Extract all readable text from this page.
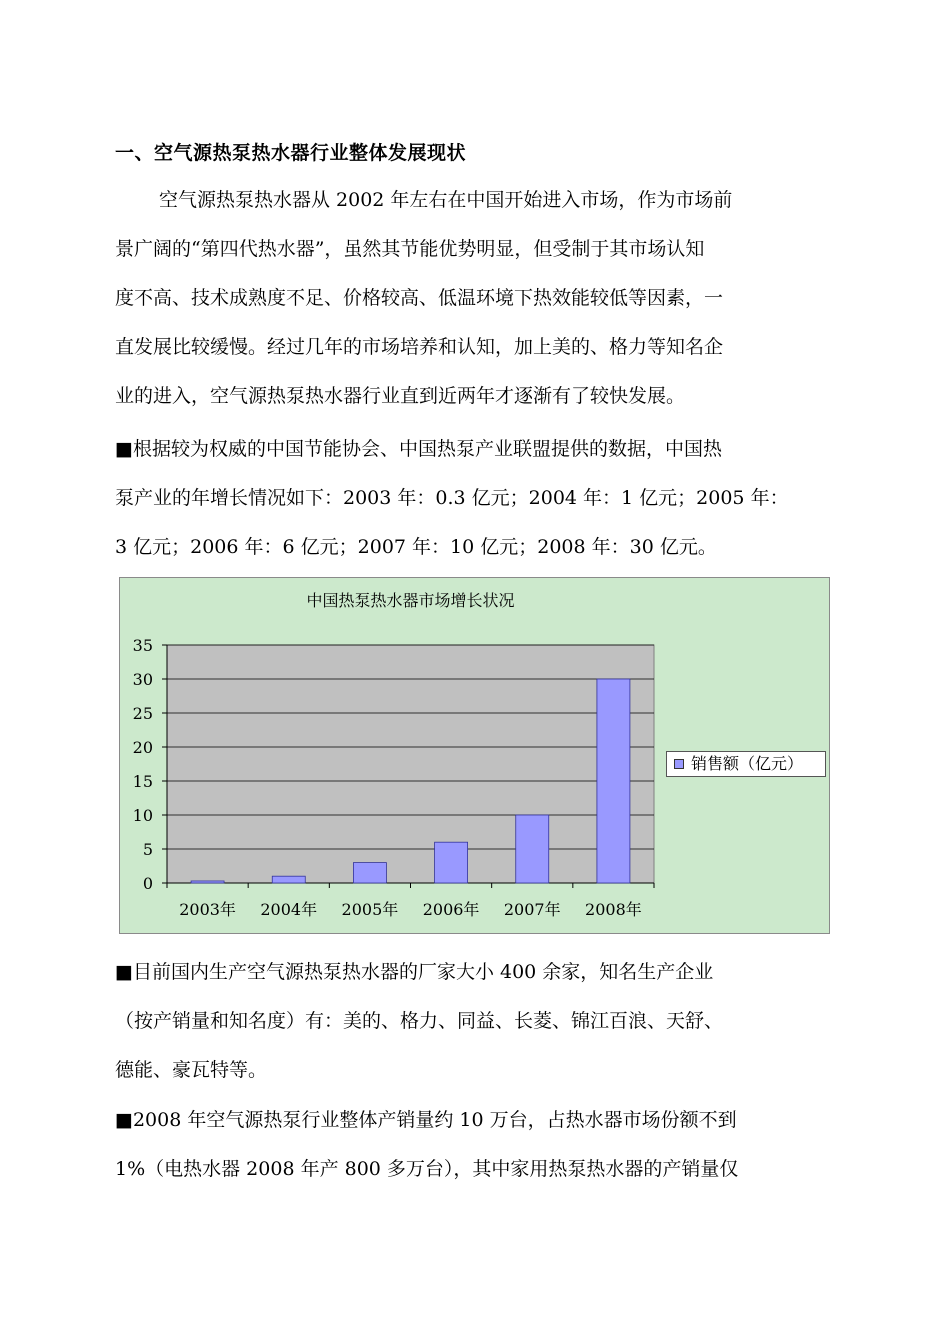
一、空气源热泵热水器行业整体发展现状
空气源热泵热水器从 2002 年左右在中国开始进入市场，作为市场前
景广阔的“第四代热水器”，虽然其节能优势明显，但受制于其市场认知
度不高、技术成熟度不足、价格较高、低温环境下热效能较低等因素，一
直发展比较缓慢。经过几年的市场培养和认知，加上美的、格力等知名企
业的进入，空气源热泵热水器行业直到近两年才逐渐有了较快发展。
■根据较为权威的中国节能协会、中国热泵产业联盟提供的数据，中国热
泵产业的年增长情况如下：2003 年：0.3 亿元；2004 年：1 亿元；2005 年：
3 亿元；2006 年：6 亿元；2007 年：10 亿元；2008 年：30 亿元。
中国热泵热水器市场增长状况
0
5
10
15
20
25
30
35
2003年 2004年 2005年 2006年 2007年 2008年
销售额（亿元）
■目前国内生产空气源热泵热水器的厂家大小 400 余家，知名生产企业
（按产销量和知名度）有：美的、格力、同益、长菱、锦江百浪、天舒、
德能、豪瓦特等。
■2008 年空气源热泵行业整体产销量约 10 万台，占热水器市场份额不到
1%（电热水器 2008 年产 800 多万台），其中家用热泵热水器的产销量仅
